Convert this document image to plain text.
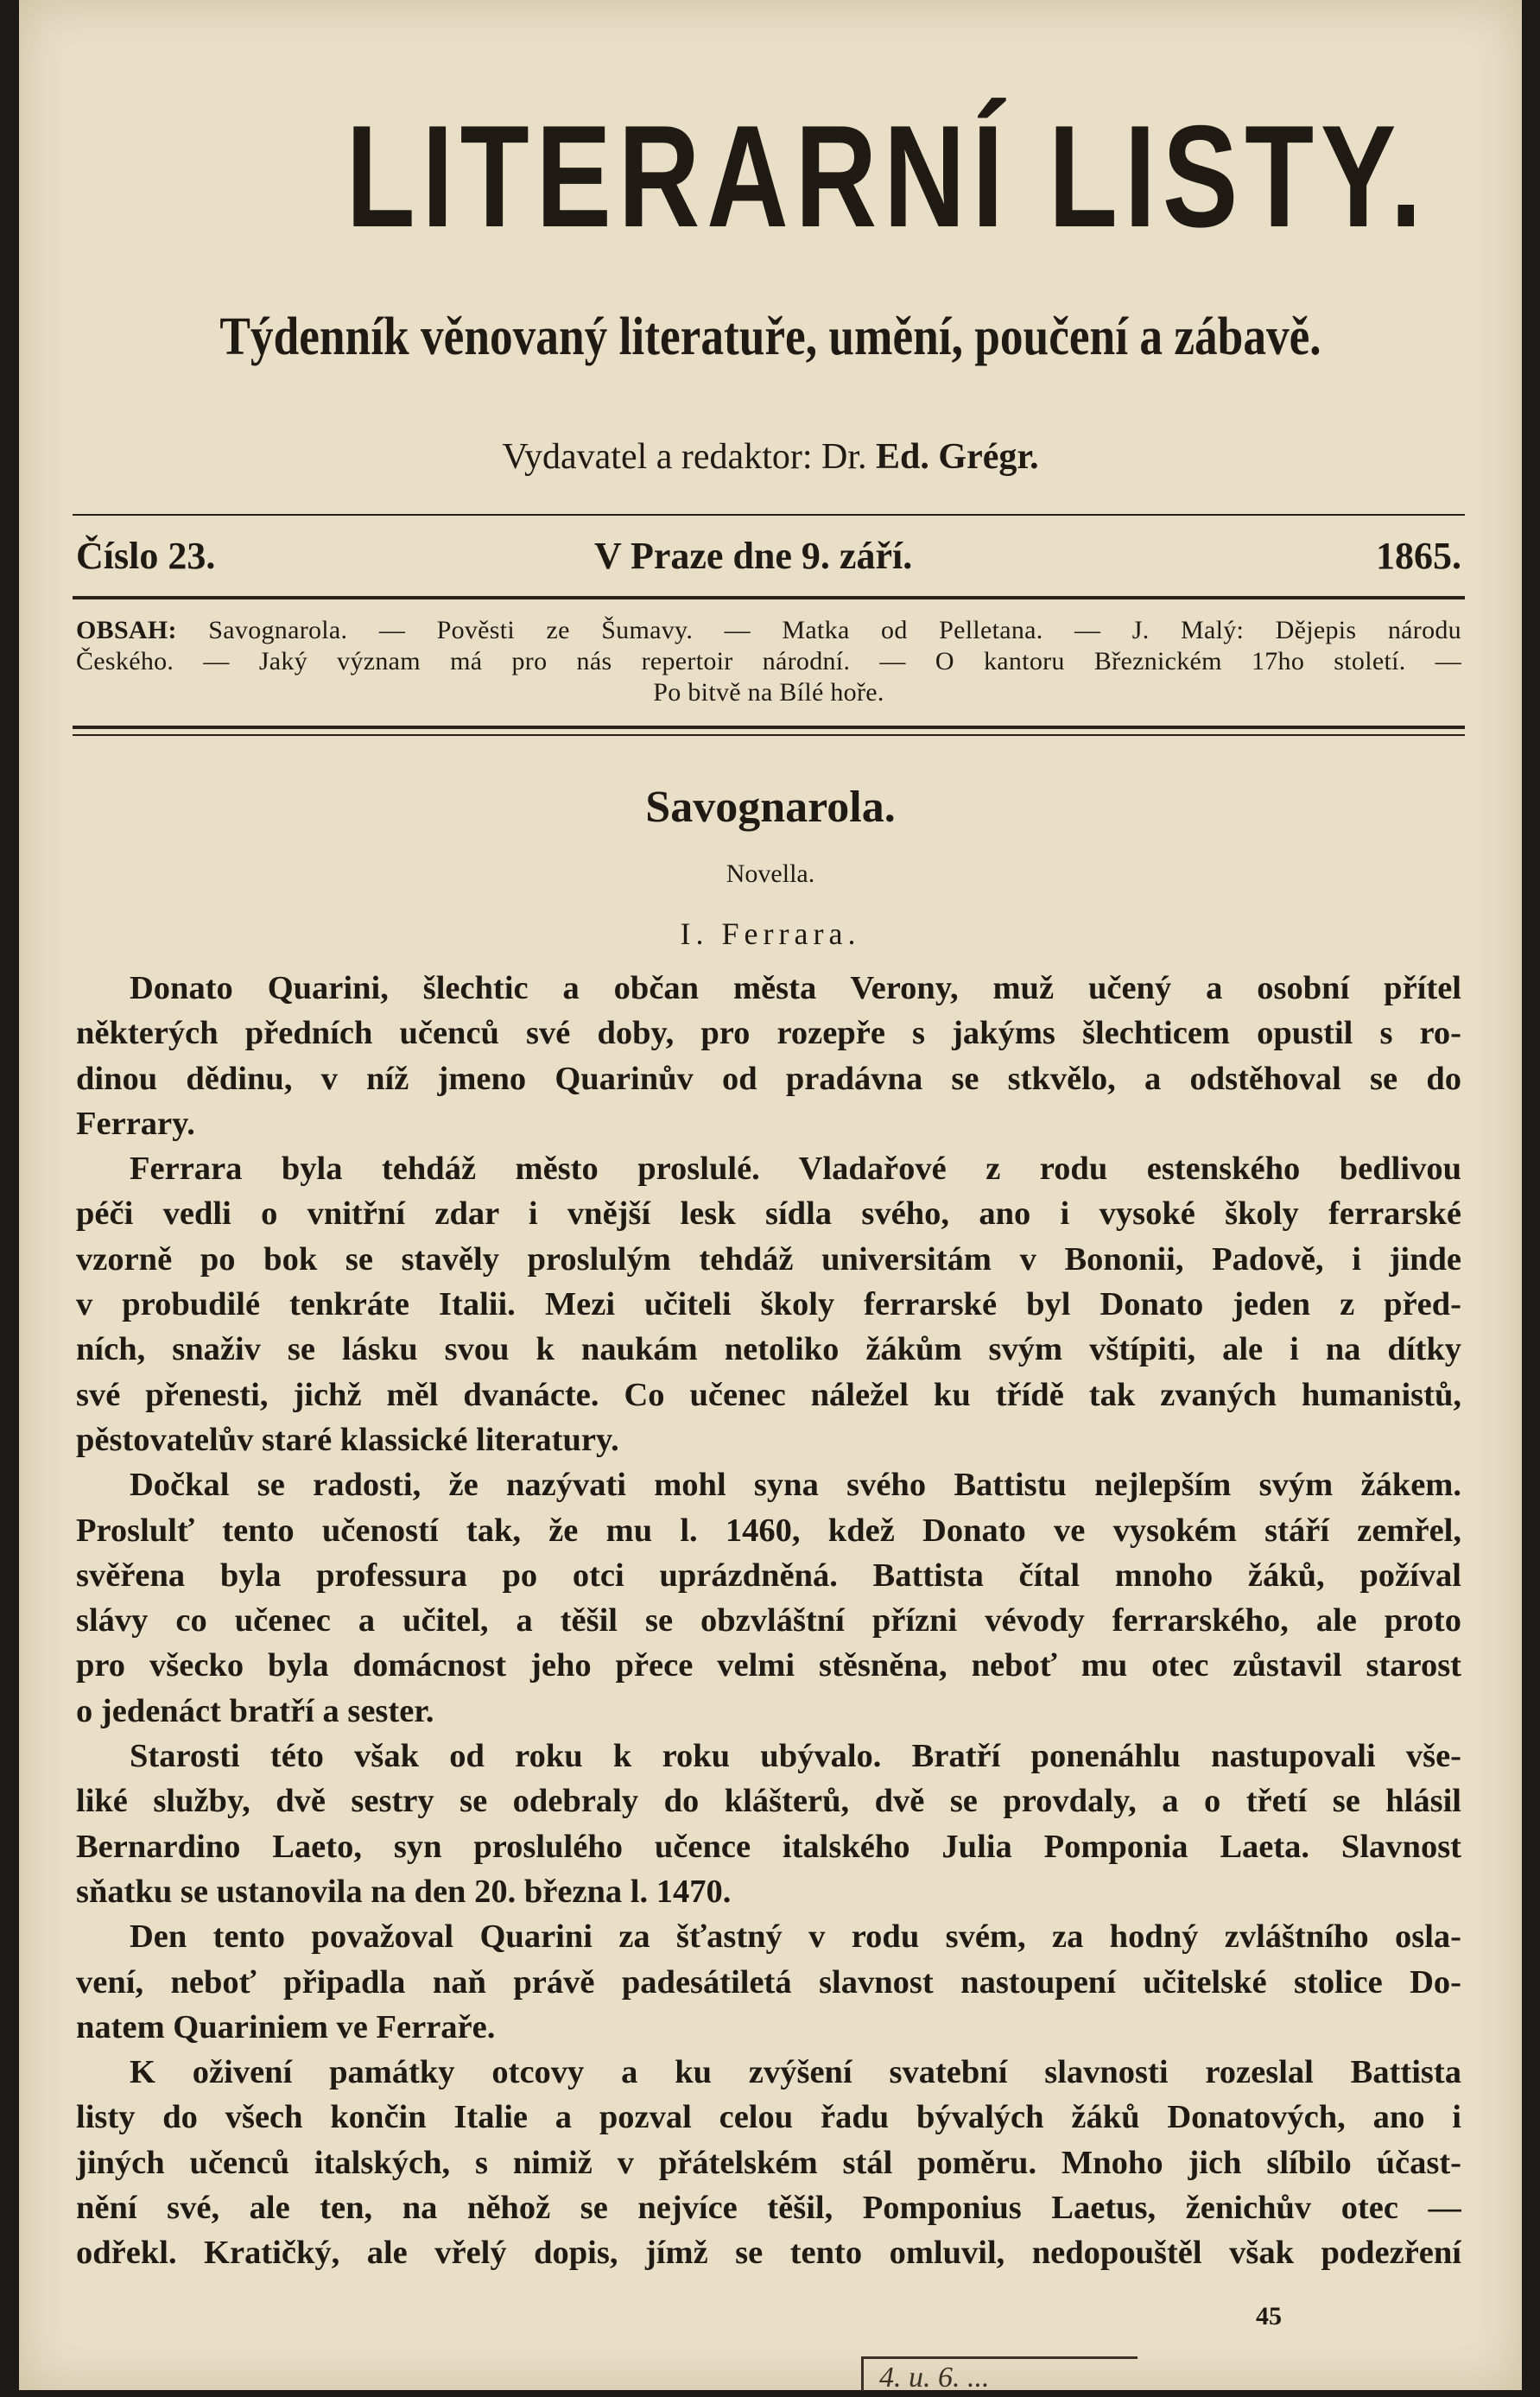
LITERARNÍ LISTY.
Týdenník věnovaný literatuře, umění, poučení a zábavě.
Vydavatel a redaktor: Dr. Ed. Grégr.
Číslo 23.	V Praze dne 9. září.	1865.
OBSAH: Savognarola. — Pověsti ze Šumavy. — Matka od Pelletana. — J. Malý: Dějepis národu
Českého. — Jaký význam má pro nás repertoir národní. — O kantoru Březnickém 17ho století. —
Po bitvě na Bílé hoře.
Savognarola.
Novella.
I. Ferrara.
Donato Quarini, šlechtic a občan města Verony, muž učený a osobní přítel
některých předních učenců své doby, pro rozepře s jakýms šlechticem opustil s ro-
dinou dědinu, v níž jmeno Quarinův od pradávna se stkvělo, a odstěhoval se do
Ferrary.
Ferrara byla tehdáž město proslulé. Vladařové z rodu estenského bedlivou
péči vedli o vnitřní zdar i vnější lesk sídla svého, ano i vysoké školy ferrarské
vzorně po bok se stavěly proslulým tehdáž universitám v Bononii, Padově, i jinde
v probudilé tenkráte Italii. Mezi učiteli školy ferrarské byl Donato jeden z před-
ních, snaživ se lásku svou k naukám netoliko žákům svým vštípiti, ale i na dítky
své přenesti, jichž měl dvanácte. Co učenec náležel ku třídě tak zvaných humanistů,
pěstovatelův staré klassické literatury.
Dočkal se radosti, že nazývati mohl syna svého Battistu nejlepším svým žákem.
Proslulť tento učeností tak, že mu l. 1460, kdež Donato ve vysokém stáří zemřel,
svěřena byla professura po otci uprázdněná. Battista čítal mnoho žáků, požíval
slávy co učenec a učitel, a těšil se obzvláštní přízni vévody ferrarského, ale proto
pro všecko byla domácnost jeho přece velmi stěsněna, neboť mu otec zůstavil starost
o jedenáct bratří a sester.
Starosti této však od roku k roku ubývalo. Bratří ponenáhlu nastupovali vše-
liké služby, dvě sestry se odebraly do klášterů, dvě se provdaly, a o třetí se hlásil
Bernardino Laeto, syn proslulého učence italského Julia Pomponia Laeta. Slavnost
sňatku se ustanovila na den 20. března l. 1470.
Den tento považoval Quarini za šťastný v rodu svém, za hodný zvláštního osla-
vení, neboť připadla naň právě padesátiletá slavnost nastoupení učitelské stolice Do-
natem Quariniem ve Ferraře.
K oživení památky otcovy a ku zvýšení svatební slavnosti rozeslal Battista
listy do všech končin Italie a pozval celou řadu bývalých žáků Donatových, ano i
jiných učenců italských, s nimiž v přátelském stál poměru. Mnoho jich slíbilo účast-
nění své, ale ten, na něhož se nejvíce těšil, Pomponius Laetus, ženichův otec —
odřekl. Kratičký, ale vřelý dopis, jímž se tento omluvil, nedopouštěl však podezření
45
4. u. 6. ...
